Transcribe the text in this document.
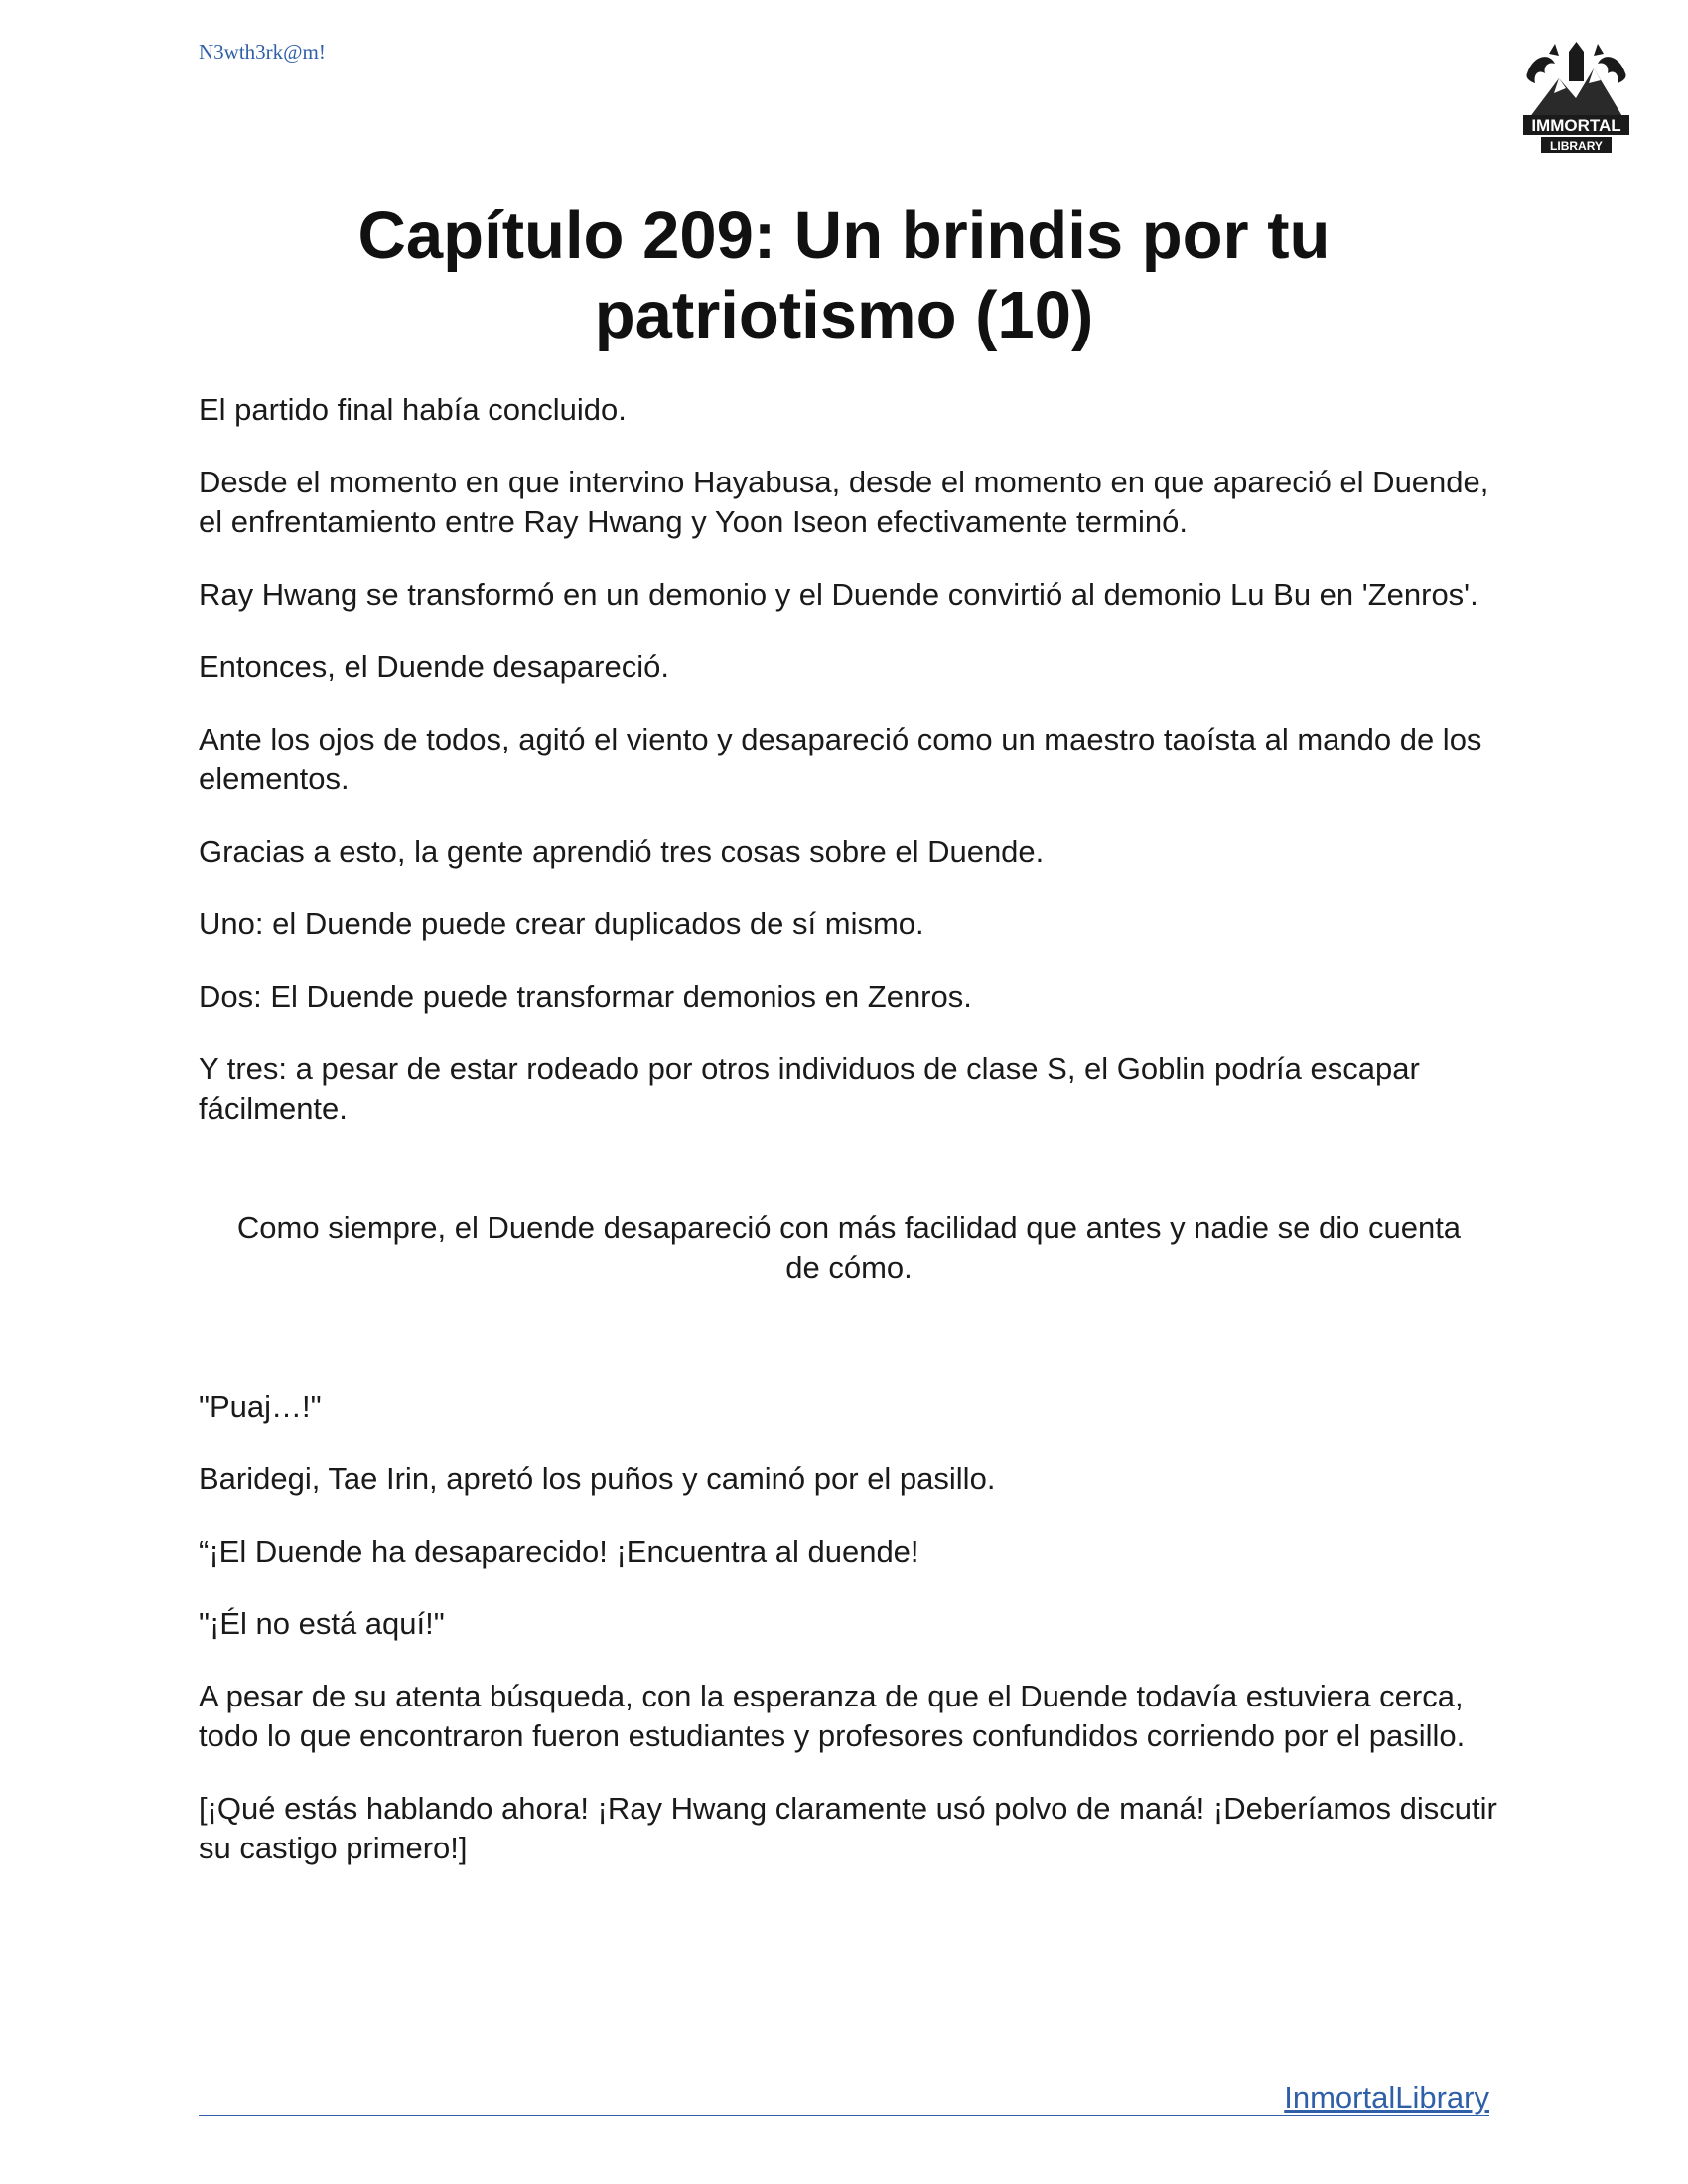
N3wth3rk@m!
IMMORTAL
LIBRARY
Capítulo 209: Un brindis por tu
patriotismo (10)

El partido final había concluido.

Desde el momento en que intervino Hayabusa, desde el momento en que apareció el Duende, el enfrentamiento entre Ray Hwang y Yoon Iseon efectivamente terminó.

Ray Hwang se transformó en un demonio y el Duende convirtió al demonio Lu Bu en 'Zenros'.

Entonces, el Duende desapareció.

Ante los ojos de todos, agitó el viento y desapareció como un maestro taoísta al mando de los elementos.

Gracias a esto, la gente aprendió tres cosas sobre el Duende.

Uno: el Duende puede crear duplicados de sí mismo.

Dos: El Duende puede transformar demonios en Zenros.

Y tres: a pesar de estar rodeado por otros individuos de clase S, el Goblin podría escapar fácilmente.

Como siempre, el Duende desapareció con más facilidad que antes y nadie se dio cuenta de cómo.

"Puaj…!"

Baridegi, Tae Irin, apretó los puños y caminó por el pasillo.

“¡El Duende ha desaparecido! ¡Encuentra al duende!

"¡Él no está aquí!"

A pesar de su atenta búsqueda, con la esperanza de que el Duende todavía estuviera cerca, todo lo que encontraron fueron estudiantes y profesores confundidos corriendo por el pasillo.

[¡Qué estás hablando ahora! ¡Ray Hwang claramente usó polvo de maná! ¡Deberíamos discutir su castigo primero!]

InmortalLibrary
